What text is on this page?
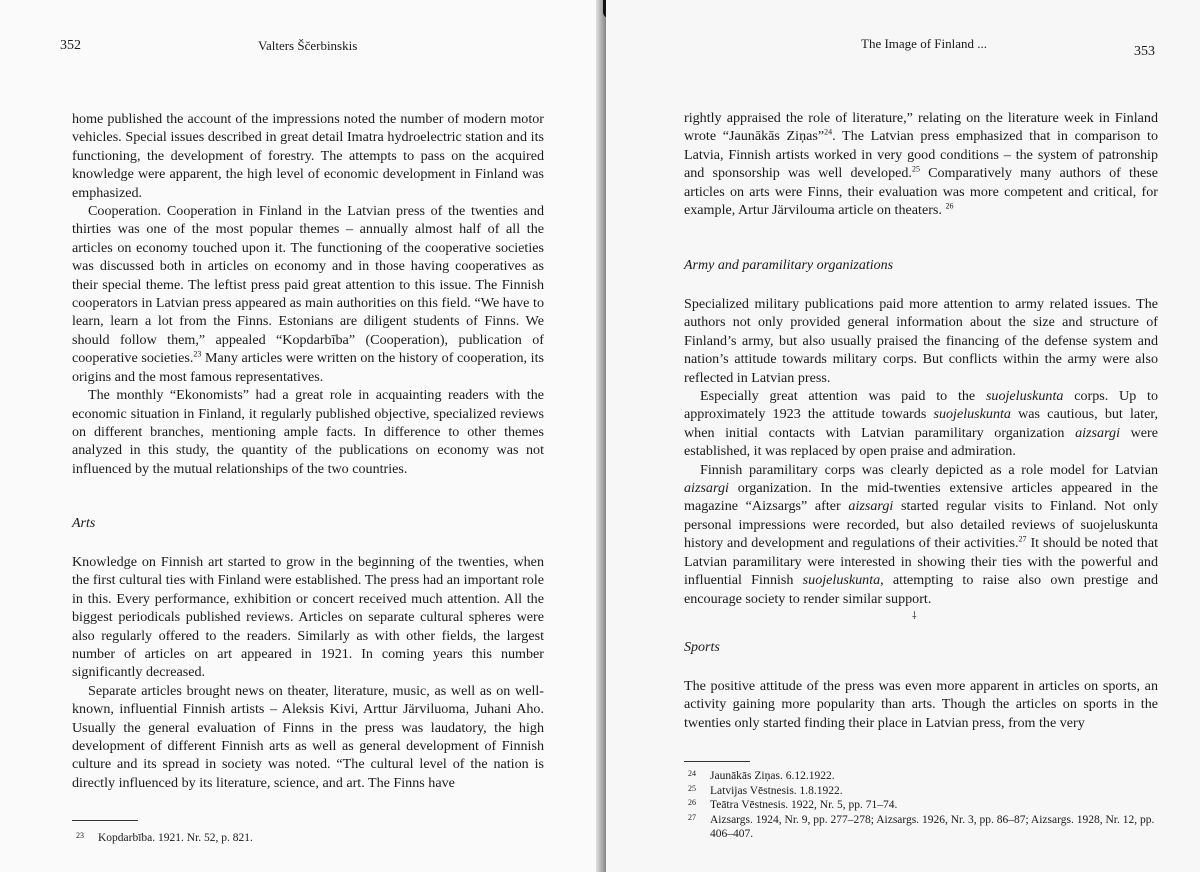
352	Valters Ščerbinskis

home published the account of the impressions noted the number of modern motor vehicles. Special issues described in great detail Imatra hydroelectric station and its functioning, the development of forestry. The attempts to pass on the acquired knowledge were apparent, the high level of economic development in Finland was emphasized.

Cooperation. Cooperation in Finland in the Latvian press of the twenties and thirties was one of the most popular themes – annually almost half of all the articles on economy touched upon it. The functioning of the cooperative societies was discussed both in articles on economy and in those having cooperatives as their special theme. The leftist press paid great attention to this issue. The Finnish cooperators in Latvian press appeared as main authorities on this field. “We have to learn, learn a lot from the Finns. Estonians are diligent students of Finns. We should follow them,” appealed “Kopdarbība” (Cooperation), publication of cooperative societies.$^{23}$ Many articles were written on the history of cooperation, its origins and the most famous representatives.

The monthly “Ekonomists” had a great role in acquainting readers with the economic situation in Finland, it regularly published objective, specialized reviews on different branches, mentioning ample facts. In difference to other themes analyzed in this study, the quantity of the publications on economy was not influenced by the mutual relationships of the two countries.

Arts

Knowledge on Finnish art started to grow in the beginning of the twenties, when the first cultural ties with Finland were established. The press had an important role in this. Every performance, exhibition or concert received much attention. All the biggest periodicals published reviews. Articles on separate cultural spheres were also regularly offered to the readers. Similarly as with other fields, the largest number of articles on art appeared in 1921. In coming years this number significantly decreased.

Separate articles brought news on theater, literature, music, as well as on well-known, influential Finnish artists – Aleksis Kivi, Arttur Järviluoma, Juhani Aho. Usually the general evaluation of Finns in the press was laudatory, the high development of different Finnish arts as well as general development of Finnish culture and its spread in society was noted. “The cultural level of the nation is directly influenced by its literature, science, and art. The Finns have

23 Kopdarbība. 1921. Nr. 52, p. 821.
The Image of Finland ...
353

rightly appraised the role of literature,” relating on the literature week in Finland wrote “Jaunākās Ziņas”$^{24}$. The Latvian press emphasized that in comparison to Latvia, Finnish artists worked in very good conditions – the system of patronship and sponsorship was well developed.$^{25}$ Comparatively many authors of these articles on arts were Finns, their evaluation was more competent and critical, for example, Artur Järvilouma article on theaters. $^{26}$

Army and paramilitary organizations

Specialized military publications paid more attention to army related issues. The authors not only provided general information about the size and structure of Finland’s army, but also usually praised the financing of the defense system and nation’s attitude towards military corps. But conflicts within the army were also reflected in Latvian press.

Especially great attention was paid to the suojeluskunta corps. Up to approximately 1923 the attitude towards suojeluskunta was cautious, but later, when initial contacts with Latvian paramilitary organization aizsargi were established, it was replaced by open praise and admiration.

Finnish paramilitary corps was clearly depicted as a role model for Latvian aizsargi organization. In the mid-twenties extensive articles appeared in the magazine “Aizsargs” after aizsargi started regular visits to Finland. Not only personal impressions were recorded, but also detailed reviews of suojeluskunta history and development and regulations of their activities.$^{27}$ It should be noted that Latvian paramilitary were interested in showing their ties with the powerful and influential Finnish suojeluskunta, attempting to raise also own prestige and encourage society to render similar support.

⸸
Sports

The positive attitude of the press was even more apparent in articles on sports, an activity gaining more popularity than arts. Though the articles on sports in the twenties only started finding their place in Latvian press, from the very

24 Jaunākās Ziņas. 6.12.1922.
25 Latvijas Vēstnesis. 1.8.1922.
26 Teātra Vēstnesis. 1922, Nr. 5, pp. 71–74.
27 Aizsargs. 1924, Nr. 9, pp. 277–278; Aizsargs. 1926, Nr. 3, pp. 86–87; Aizsargs. 1928, Nr. 12, pp. 406–407.
